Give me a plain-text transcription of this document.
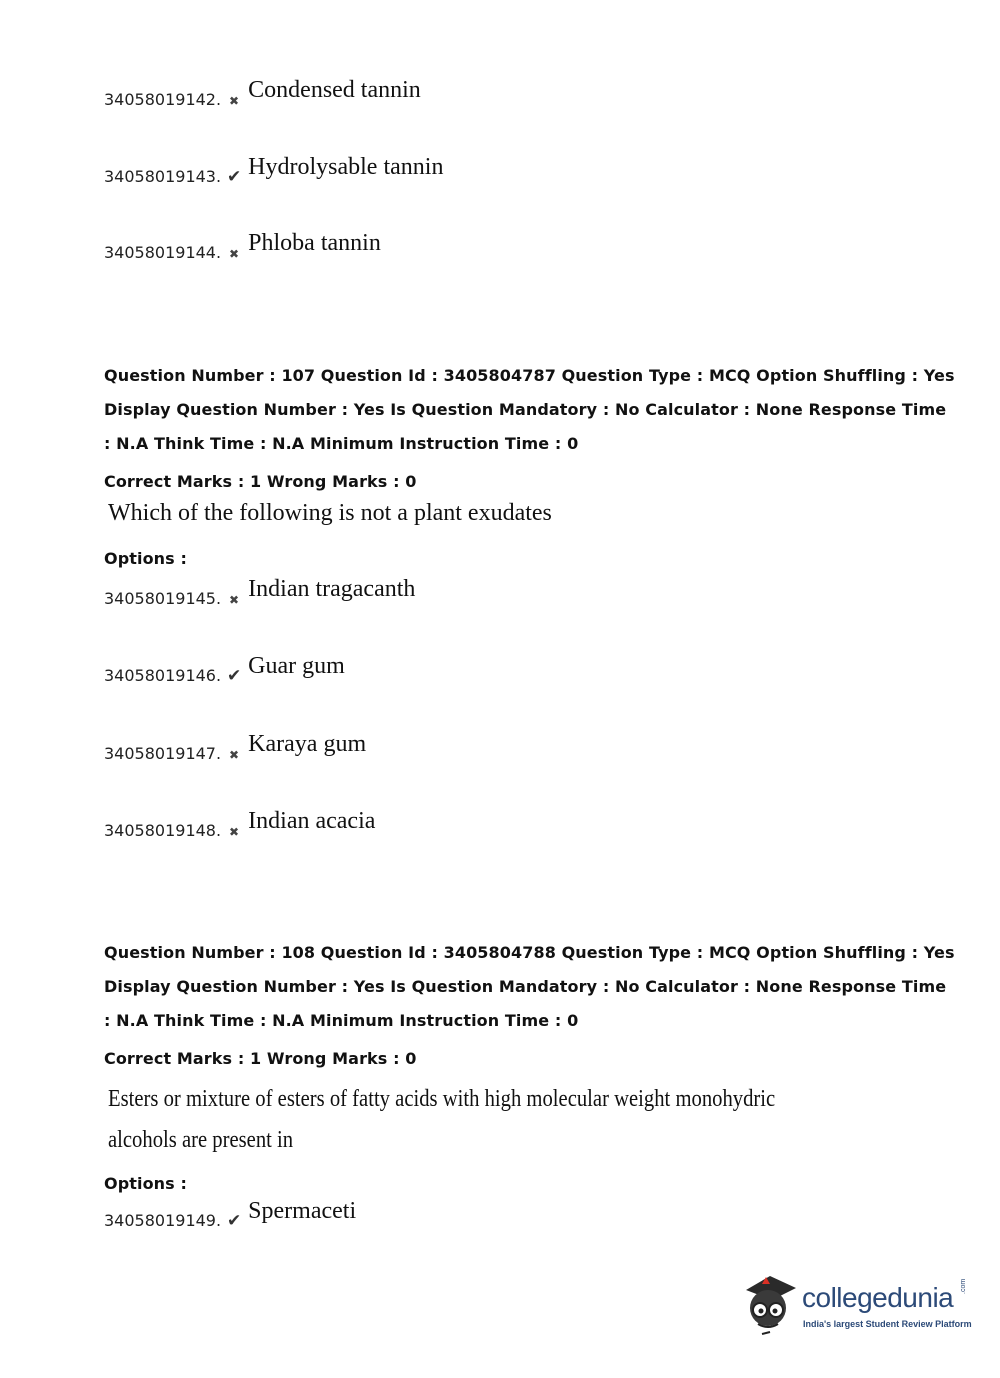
34058019142. ✖ Condensed tannin
34058019143. ✔ Hydrolysable tannin
34058019144. ✖ Phloba tannin
Question Number : 107 Question Id : 3405804787 Question Type : MCQ Option Shuffling : Yes
Display Question Number : Yes Is Question Mandatory : No Calculator : None Response Time
: N.A Think Time : N.A Minimum Instruction Time : 0
Correct Marks : 1 Wrong Marks : 0
Which of the following is not a plant exudates
Options :
34058019145. ✖ Indian tragacanth
34058019146. ✔ Guar gum
34058019147. ✖ Karaya gum
34058019148. ✖ Indian acacia
Question Number : 108 Question Id : 3405804788 Question Type : MCQ Option Shuffling : Yes
Display Question Number : Yes Is Question Mandatory : No Calculator : None Response Time
: N.A Think Time : N.A Minimum Instruction Time : 0
Correct Marks : 1 Wrong Marks : 0
Esters or mixture of esters of fatty acids with high molecular weight monohydric
alcohols are present in
Options :
34058019149. ✔ Spermaceti
collegedunia .com
India's largest Student Review Platform
